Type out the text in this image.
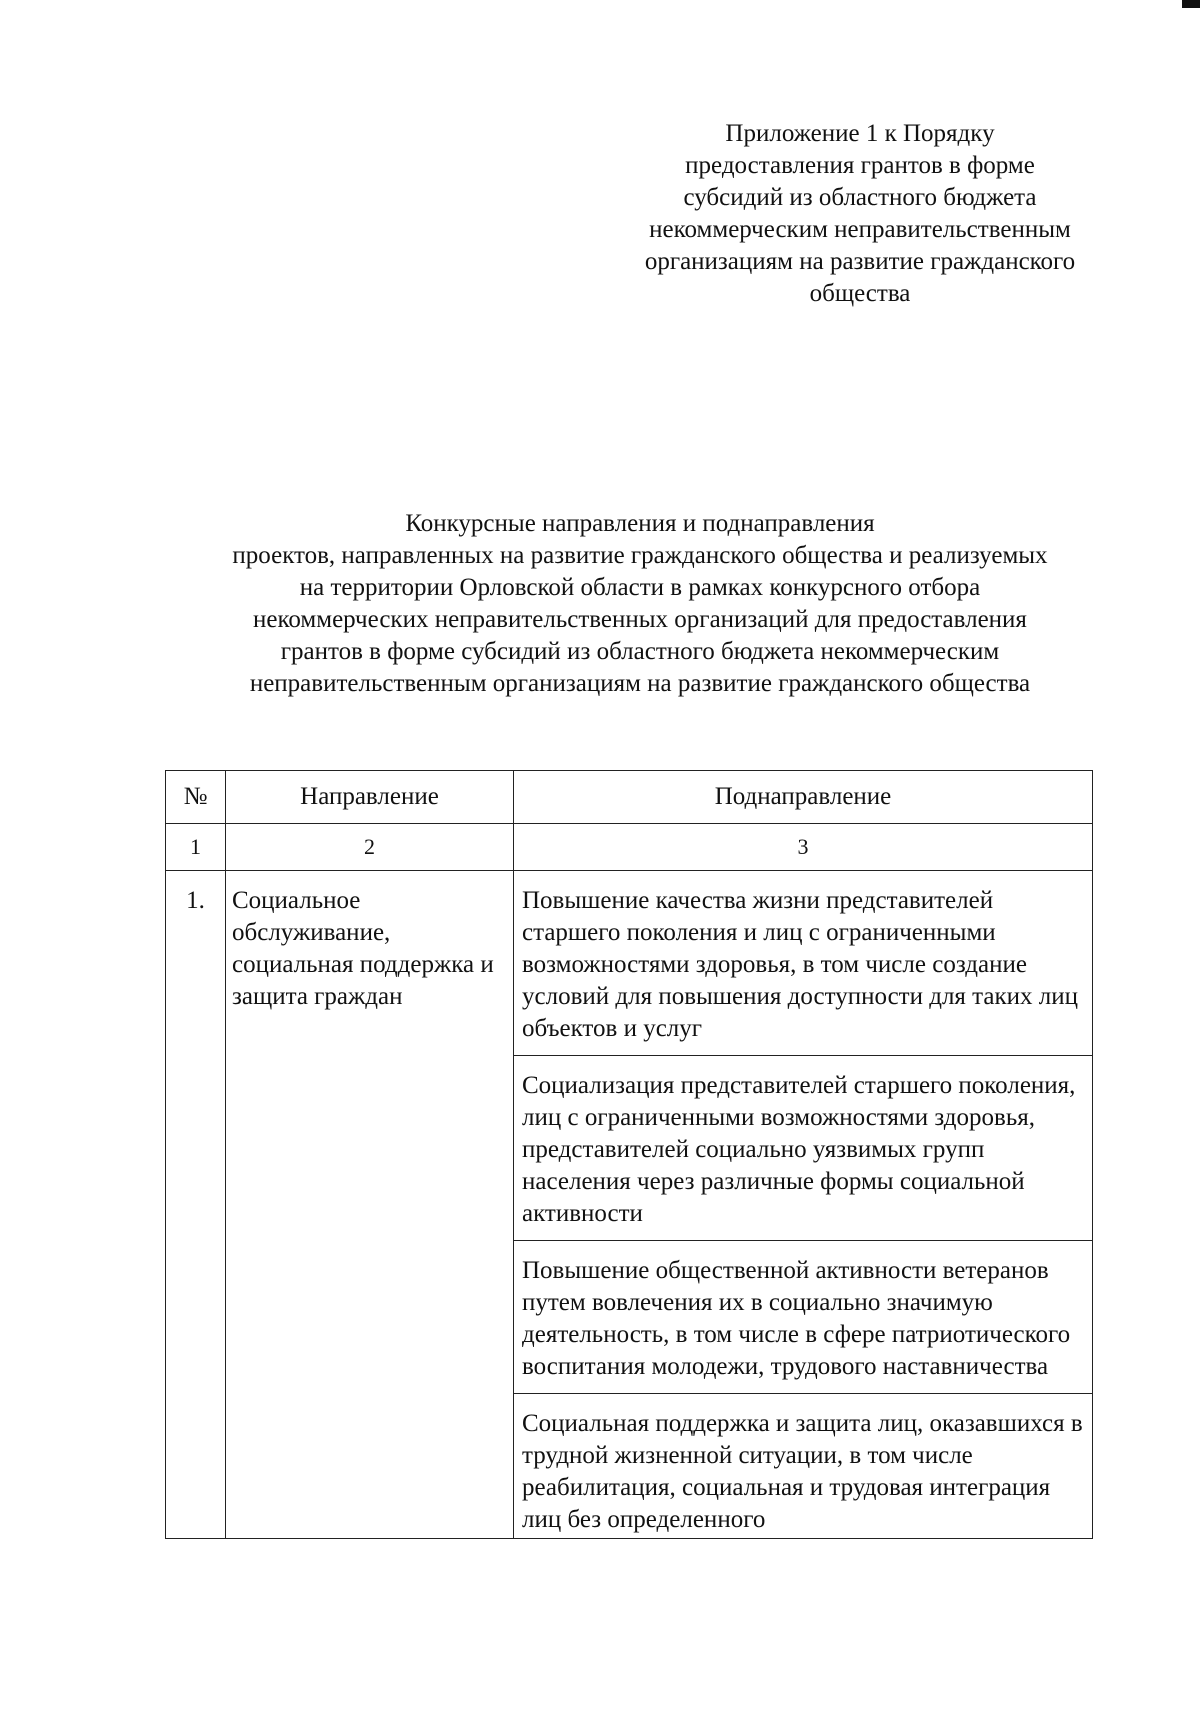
Приложение 1 к Порядку
предоставления грантов в форме
субсидий из областного бюджета
некоммерческим неправительственным
организациям на развитие гражданского
общества
Конкурсные направления и поднаправления
проектов, направленных на развитие гражданского общества и реализуемых
на территории Орловской области в рамках конкурсного отбора
некоммерческих неправительственных организаций для предоставления
грантов в форме субсидий из областного бюджета некоммерческим
неправительственным организациям на развитие гражданского общества
№	Направление	Поднаправление
1	2	3
1.	Социальное обслуживание, социальная поддержка и защита граждан	Повышение качества жизни представителей старшего поколения и лиц с ограниченными возможностями здоровья, в том числе создание условий для повышения доступности для таких лиц объектов и услуг
		Социализация представителей старшего поколения, лиц с ограниченными возможностями здоровья, представителей социально уязвимых групп населения через различные формы социальной активности
		Повышение общественной активности ветеранов путем вовлечения их в социально значимую деятельность, в том числе в сфере патриотического воспитания молодежи, трудового наставничества
		Социальная поддержка и защита лиц, оказавшихся в трудной жизненной ситуации, в том числе реабилитация, социальная и трудовая интеграция лиц без определенного
